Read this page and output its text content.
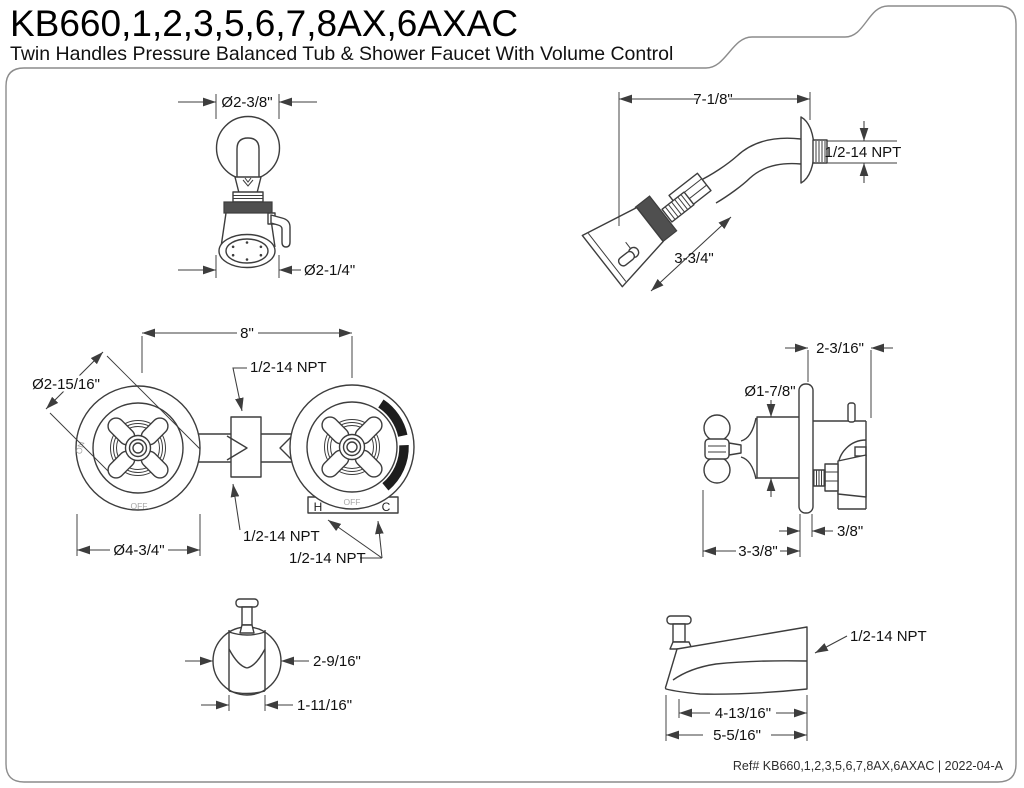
KB660,1,2,3,5,6,7,8AX,6AXAC
Twin Handles Pressure Balanced Tub & Shower Faucet With Volume Control
Ø2-3/8"
Ø2-1/4"
7-1/8"
1/2-14 NPT
3-3/4"
H	C
OFF	OFF
ON
8"
Ø2-15/16"
Ø4-3/4"
1/2-14 NPT
1/2-14 NPT
1/2-14 NPT
2-3/16"
Ø1-7/8"
3/8"
3-3/8"
2-9/16"
1-11/16"
1/2-14 NPT
4-13/16"
5-5/16"
Ref# KB660,1,2,3,5,6,7,8AX,6AXAC | 2022-04-A
